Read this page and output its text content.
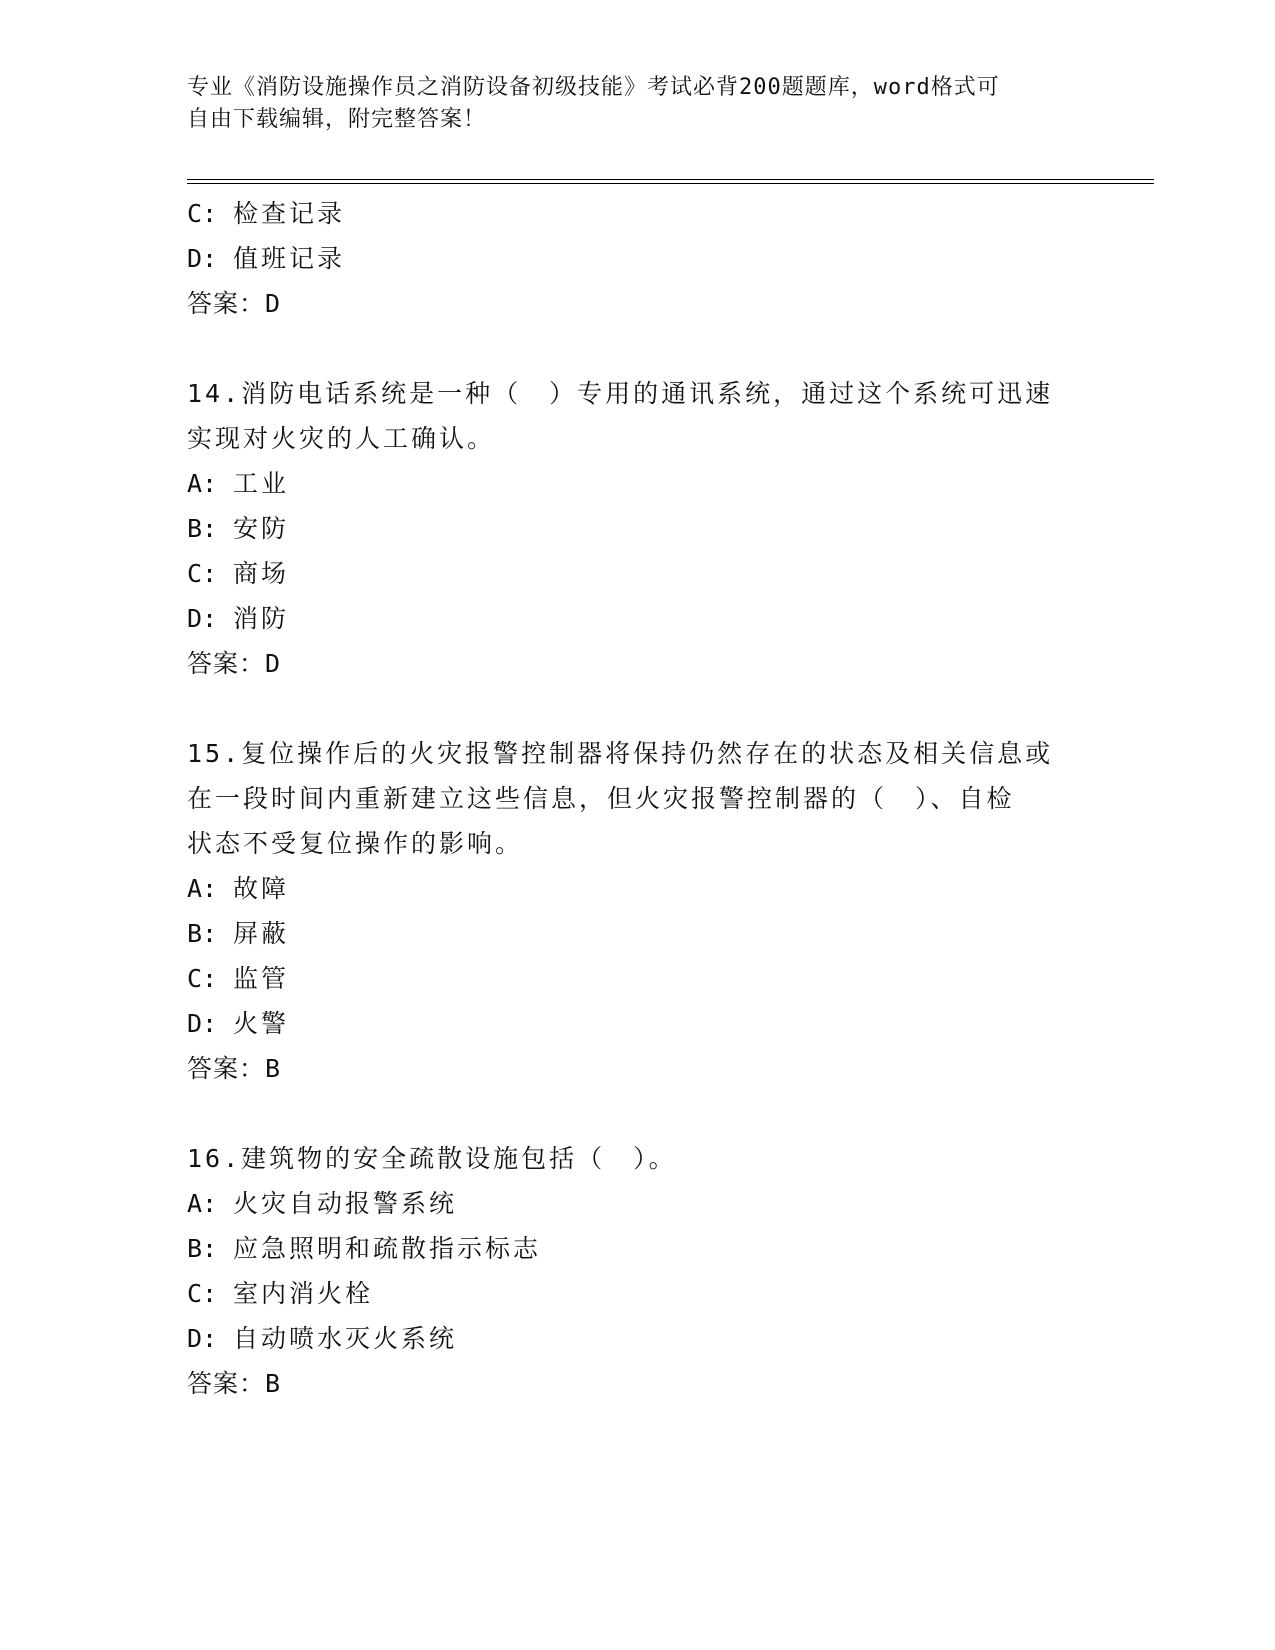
专业《消防设施操作员之消防设备初级技能》考试必背200题题库，word格式可
自由下载编辑，附完整答案！
C: 检查记录
D: 值班记录
答案：D
14.消防电话系统是一种（　）专用的通讯系统，通过这个系统可迅速
实现对火灾的人工确认。
A: 工业
B: 安防
C: 商场
D: 消防
答案：D
15.复位操作后的火灾报警控制器将保持仍然存在的状态及相关信息或
在一段时间内重新建立这些信息，但火灾报警控制器的（　）、自检
状态不受复位操作的影响。
A: 故障
B: 屏蔽
C: 监管
D: 火警
答案：B
16.建筑物的安全疏散设施包括（　）。
A: 火灾自动报警系统
B: 应急照明和疏散指示标志
C: 室内消火栓
D: 自动喷水灭火系统
答案：B
